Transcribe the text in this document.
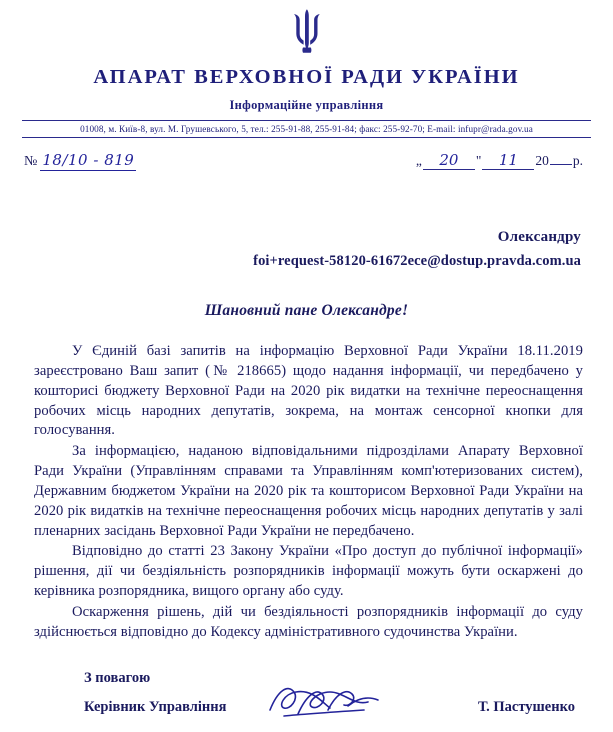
АПАРАТ ВЕРХОВНОЇ РАДИ УКРАЇНИ
Інформаційне управління
01008, м. Київ-8, вул. М. Грушевського, 5, тел.: 255-91-88, 255-91-84; факс: 255-92-70; E-mail: infupr@rada.gov.ua
№ 18/10 - 819	„ 20 " 11 20 р.
Олександру
foi+request-58120-61672ece@dostup.pravda.com.ua
Шановний пане Олександре!

У Єдиній базі запитів на інформацію Верховної Ради України 18.11.2019 зареєстровано Ваш запит (№ 218665) щодо надання інформації, чи передбачено у кошторисі бюджету Верховної Ради на 2020 рік видатки на технічне переоснащення робочих місць народних депутатів, зокрема, на монтаж сенсорної кнопки для голосування.

За інформацією, наданою відповідальними підрозділами Апарату Верховної Ради України (Управлінням справами та Управлінням комп'ютеризованих систем), Державним бюджетом України на 2020 рік та кошторисом Верховної Ради України на 2020 рік видатків на технічне переоснащення робочих місць народних депутатів у залі пленарних засідань Верховної Ради України не передбачено.

Відповідно до статті 23 Закону України «Про доступ до публічної інформації» рішення, дії чи бездіяльність розпорядників інформації можуть бути оскаржені до керівника розпорядника, вищого органу або суду.

Оскарження рішень, дій чи бездіяльності розпорядників інформації до суду здійснюється відповідно до Кодексу адміністративного судочинства України.

З повагою
Керівник Управління	Т. Пастушенко
